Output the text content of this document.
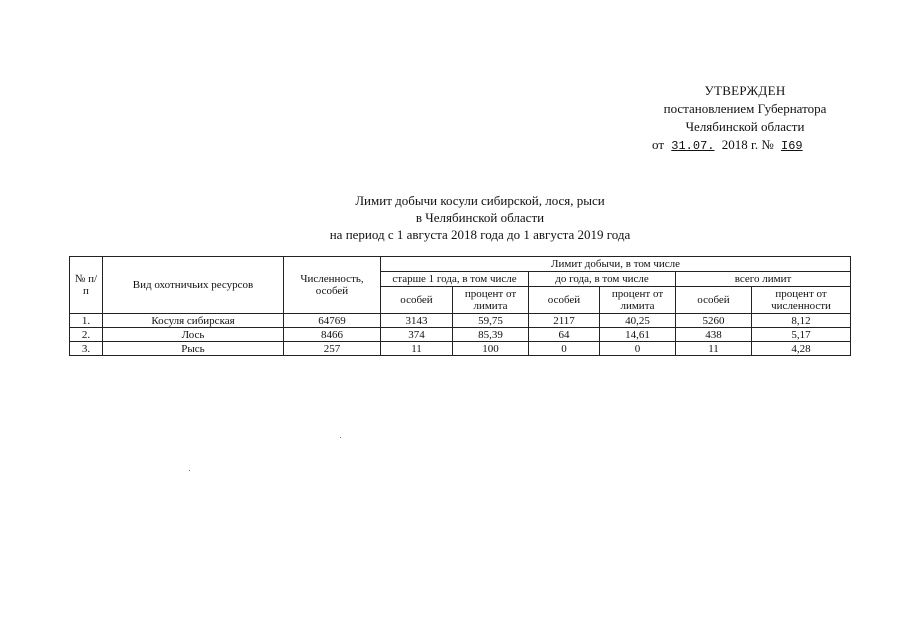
УТВЕРЖДЕН
постановлением Губернатора
Челябинской области
от 31.07. 2018 г. № I69
Лимит добычи косули сибирской, лося, рыси
в Челябинской области
на период с 1 августа 2018 года до 1 августа 2019 года
№ п/п	Вид охотничьих ресурсов	Численность, особей	Лимит добычи, в том числе					
			старше 1 года, в том числе		до года, в том числе		всего лимит	
			особей	процент от лимита	особей	процент от лимита	особей	процент от численности
1.	Косуля сибирская	64769	3143	59,75	2117	40,25	5260	8,12
2.	Лось	8466	374	85,39	64	14,61	438	5,17
3.	Рысь	257	11	100	0	0	11	4,28
